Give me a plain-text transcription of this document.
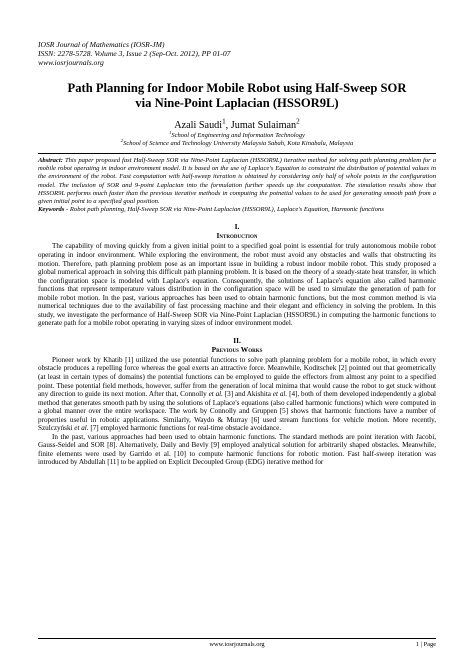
IOSR Journal of Mathematics (IOSR-JM)
ISSN: 2278-5728. Volume 3, Issue 2 (Sep-Oct. 2012), PP 01-07
www.iosrjournals.org
Path Planning for Indoor Mobile Robot using Half-Sweep SOR
via Nine-Point Laplacian (HSSOR9L)
Azali Saudi$^1$, Jumat Sulaiman$^2$
$^1$School of Engineering and Information Technology
$^2$School of Science and Technology University Malaysia Sabah, Kota Kinabalu, Malaysia
Abstract: This paper proposed fast Half-Sweep SOR via Nine-Point Laplacian (HSSOR9L) iterative method for solving path planning problem for a mobile robot operating in indoor environment model. It is based on the use of Laplace's Equation to constraint the distribution of potential values in the environment of the robot. Fast computation with half-sweep iteration is obtained by considering only half of whole points in the configuration model. The inclusion of SOR and 9-point Laplacian into the formulation further speeds up the computation. The simulation results show that HSSOR9L performs much faster than the previous iterative methods in computing the potnetial values to be used for generating smooth path from a given initial point to a specified goal position.
Keywords - Robot path planning, Half-Sweep SOR via Nine-Point Laplacian (HSSOR9L), Laplace's Equation, Harmonic functions
I.
Introduction

The capability of moving quickly from a given initial point to a specified goal point is essential for truly autonomous mobile robot operating in indoor environment. While exploring the environment, the robot must avoid any obstacles and walls that obstructing its motion. Therefore, path planning problem pose as an important issue in building a robust indoor mobile robot. This study proposed a global numerical approach in solving this difficult path planning problem. It is based on the theory of a steady-state heat transfer, in which the configuration space is modeled with Laplace's equation. Consequently, the solutions of Laplace's equation also called harmonic functions that represent temperature values distribution in the configuration space will be used to simulate the generation of path for mobile robot motion. In the past, various approaches has been used to obtain harmonic functions, but the most common method is via numerical techniques due to the availability of fast processing machine and their elegant and efficiency in solving the problem. In this study, we investigate the performance of Half-Sweep SOR via Nine-Point Laplacian (HSSOR9L) in computing the harmonic functions to generate path for a mobile robot operating in varying sizes of indoor environment model.

II.
Previous Works

Pioneer work by Khatib [1] utilized the use potential functions to solve path planning problem for a mobile robot, in which every obstacle produces a repelling force whereas the goal exerts an attractive force. Meanwhile, Koditschek [2] pointed out that geometrically (at least in certain types of domains) the potential functions can be employed to guide the effectors from almost any point to a specified point. These potential field methods, however, suffer from the generation of local minima that would cause the robot to get stuck without any direction to guide its next motion. After that, Connolly et al. [3] and Akishita et al. [4], both of them developed independently a global method that generates smooth path by using the solutions of Laplace's equations (also called harmonic functions) which were computed in a global manner over the entire workspace. The work by Connolly and Gruppen [5] shows that harmonic functions have a number of properties useful in robotic applications. Similarly, Waydo & Murray [6] used stream functions for vehicle motion. More recently, Szulczyński et al. [7] employed harmonic functions for real-time obstacle avoidance.

In the past, various approaches had been used to obtain harmonic functions. The standard methods are point iteration with Jacobi, Gauss-Seidel and SOR [8]. Alternatively, Daily and Bevly [9] employed analytical solution for arbitrarily shaped obstacles. Meanwhile, finite elements were used by Garrido et al. [10] to compute harmonic functions for robotic motion. Fast half-sweep iteration was introduced by Abdullah [11] to be applied on Explicit Decoupled Group (EDG) iterative method for

www.iosrjournals.org	1 | Page
